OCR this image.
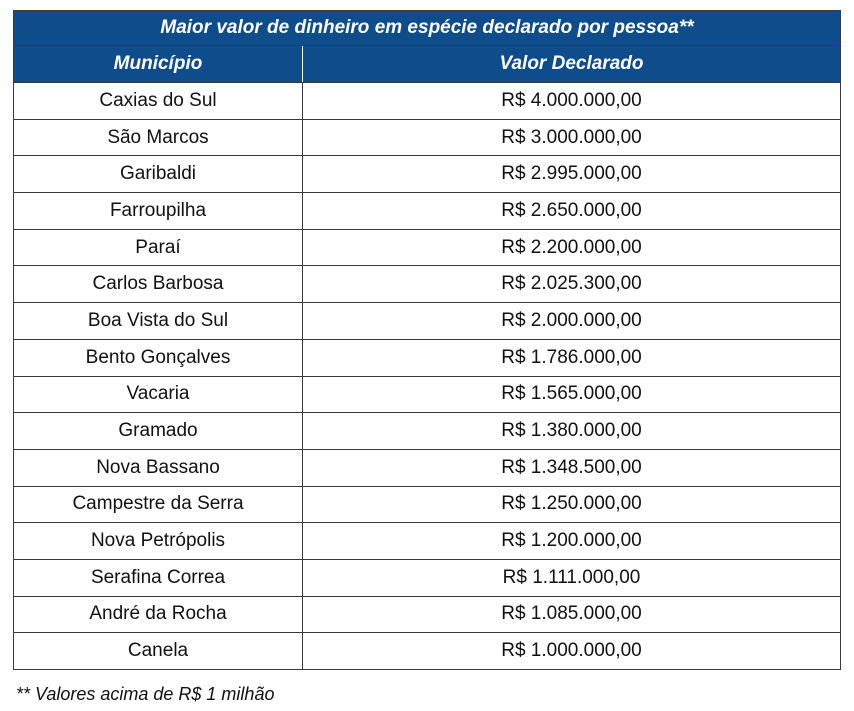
Maior valor de dinheiro em espécie declarado por pessoa**	
Município	Valor Declarado
Caxias do Sul	R$ 4.000.000,00
São Marcos	R$ 3.000.000,00
Garibaldi	R$ 2.995.000,00
Farroupilha	R$ 2.650.000,00
Paraí	R$ 2.200.000,00
Carlos Barbosa	R$ 2.025.300,00
Boa Vista do Sul	R$ 2.000.000,00
Bento Gonçalves	R$ 1.786.000,00
Vacaria	R$ 1.565.000,00
Gramado	R$ 1.380.000,00
Nova Bassano	R$ 1.348.500,00
Campestre da Serra	R$ 1.250.000,00
Nova Petrópolis	R$ 1.200.000,00
Serafina Correa	R$ 1.111.000,00
André da Rocha	R$ 1.085.000,00
Canela	R$ 1.000.000,00

** Valores acima de R$ 1 milhão
